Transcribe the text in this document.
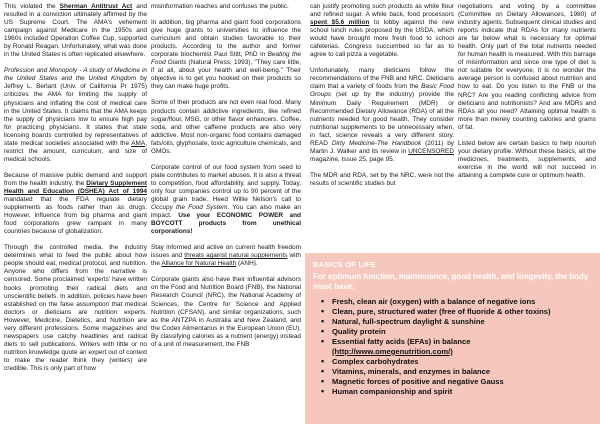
This violated the Sherman Antitrust Act and resulted in a conviction ultimately affirmed by the US Supreme Court. The AMA's vehement campaign against Medicare in the 1950s and 1960s included Operation Coffee Cup, supported by Ronald Reagan. Unfortunately, what was done in the United States is often replicated elsewhere.

Profession and Monopoly - A study of Medicine in the United States and the United Kingdom by Jeffrey L. Berlant (Univ. of California Pr 1975) criticizes the AMA for limiting the supply of physicians and inflating the cost of medical care in the United States. It claims that the AMA keeps the supply of physicians low to ensure high pay for practicing physicians. It states that state licensing boards controlled by representatives of state medical societies associated with the AMA, restrict the amount, curriculum, and size of medical schools.

Because of massive public demand and support from the health industry, the Dietary Supplement Health and Education (DSHEA) Act of 1994 mandated that the FDA regulate dietary supplements as foods rather than as drugs. However, influence from big pharma and giant food corporations grew rampant in many countries because of globalization.

Through the controlled media, the industry determines what to feed the public about how people should eat, medical protocol, and nutrition. Anyone who differs from the narrative is censored. Some proclaimed 'experts' have written books promoting their radical diets and unscientific beliefs. In addition, policies have been established on the false assumption that medical doctors or dieticians are nutrition experts. However, Medicine, Dietetics, and Nutrition are very different professions. Some magazines and newspapers use catchy headlines and radical diets to sell publications. Writers with little or no nutrition knowledge quote an expert out of context to make the reader think they (writers) are credible. This is only part of how

misinformation reaches and confuses the public.

In addition, big pharma and giant food corporations give huge grants to universities to influence the curriculum and obtain studies favorable to their products. According to the author and former corporate biochemist Paul Stitt, PhD in Beating the Food Giants (Natural Press, 1993), "They care little, if at all, about your health and well-being." Their objective is to get you hooked on their products so they can make huge profits.

Some of their products are not even real food. Many products contain addictive ingredients, like refined sugar/flour, MSG, or other flavor enhancers. Coffee, soda, and other caffeine products are also very addictive. Most non-organic food contains damaged fats/oils, glyphosate, toxic agriculture chemicals, and GMOs.

Corporate control of our food system from seed to plate contributes to market abuses. It is also a threat to competition, food affordability, and supply. Today, only four companies control up to 90 percent of the global grain trade. Heed Willie Nelson's call to Occupy the Food System. You can also make an impact. Use your ECONOMIC POWER and BOYCOTT products from unethical corporations!

Stay informed and active on current health freedom issues and threats against natural supplements with the Alliance for Natural Health (ANH).

Corporate giants also have their influential advisors on the Food and Nutrition Board (FNB), the National Research Council (NRC), the National Academy of Sciences, the Centre for Science and Applied Nutrition (CFSAN), and similar organizations, such as the ANTZPA in Australia and New Zealand, and the Codex Alimentarius in the European Union (EU). By classifying calories as a nutrient (energy) instead of a unit of measurement, the FNB

can justify promoting such products as white flour and refined sugar. A while back, food processors spent $5.6 million to lobby against the new school lunch rules proposed by the USDA, which would have brought more fresh food to school cafeterias. Congress succumbed so far as to agree to call pizza a vegetable.

Unfortunately, many dieticians follow the recommendations of the FNB and NRC. Dieticians claim that a variety of foods from the Basic Food Groups (set up by the industry) provide the Minimum Daily Requirement (MDR) or Recommended Dietary Allowance (RDA) of all the nutrients needed for good health. They consider nutritional supplements to be unnecessary when, in fact, science reveals a very different story. READ Dirty Medicine-The Handbook (2011) by Martin J. Walker and its review in UNCENSORED magazine, Issue 25, page 95.

The MDR and RDA, set by the NRC, were not the results of scientific studies but

negotiations and voting by a committee (Committee on Dietary Allowances, 1980) of industry agents. Subsequent clinical studies and reports indicate that RDAs for many nutrients are far below what is necessary for optimal health. Only part of the total nutrients needed for human health is measured. With this barrage of misinformation and since one type of diet is not suitable for everyone, it is no wonder the average person is confused about nutrition and how to eat. Do you listen to the FNB or the NRC? Are you reading conflicting advice from dieticians and nutritionists? And are MDRs and RDAs all you need? Attaining optimal health is more than merely counting calories and grams of fat.

Listed below are certain basics to help nourish your dietary profile. Without these basics, all the medicines, treatments, supplements, and exercise in the world will not succeed in attaining a complete cure or optimum health.

BASICS OF LIFE
For optimum function, maintenance, good health, and longevity, the body must have:
• Fresh, clean air (oxygen) with a balance of negative ions
• Clean, pure, structured water (free of fluoride & other toxins)
• Natural, full-spectrum daylight & sunshine
• Quality protein
• Essential fatty acids (EFAs) in balance
(http://www.omegenutrition.com/)
• Complex carbohydrates
• Vitamins, minerals, and enzymes in balance
• Magnetic forces of positive and negative Gauss
• Human companionship and spirit
